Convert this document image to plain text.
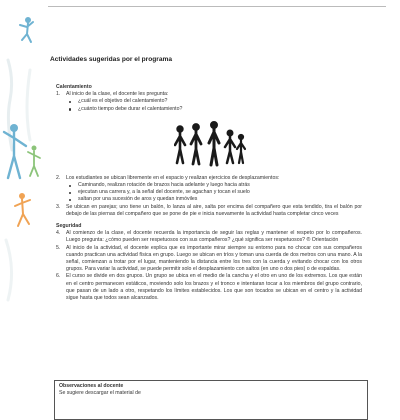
Actividades sugeridas por el programa
Calentamiento
1. Al inicio de la clase, el docente les pregunta:
¿cuál es el objetivo del calentamiento?
¿cuánto tiempo debe durar el calentamiento?
2. Los estudiantes se ubican libremente en el espacio y realizan ejercicios de desplazamientos:
Caminando, realizan rotación de brazos hacia adelante y luego hacia atrás
ejecutan una carrera y, a la señal del docente, se agachan y tocan el suelo
saltan por una sucesión de aros y quedan inmóviles
3. Se ubican en parejas; uno tiene un balón, lo lanza al aire, salta por encima del compañero que esta tendido, tira el balón por debajo de las piernas del compañero que se pone de pie e inicia nuevamente la actividad hasta completar cinco veces
Seguridad
4. Al comienzo de la clase, el docente recuerda la importancia de seguir las reglas y mantener el respeto por lo compañeros. Luego pregunta: ¿cómo pueden ser respetuosos con sus compañeros? ¿qué significa ser respetuosos? ® Orientación
5. Al inicio de la actividad, el docente explica que es importante mirar siempre su entorno para no chocar con sus compañeros cuando practican una actividad física en grupo. Luego se ubican en tríos y toman una cuerda de dos metros con una mano. A la señal, comienzan a trotar por el lugar, manteniendo la distancia entre los tres con la cuerda y evitando chocar con los otros grupos. Para variar la actividad, se puede permitir solo el desplazamiento con saltos (en uno o dos pies) o de espaldas.
6. El curso se divide en dos grupos. Un grupo se ubica en el medio de la cancha y el otro en uno de los extremos. Los que están en el centro permanecen estáticos, moviendo solo los brazos y el tronco e intentaran tocar a los miembros del grupo contrario, que pasan de un lado a otro, respetando los límites establecidos. Los que son tocados se ubican en el centro y la actividad sigue hasta que todos sean alcanzados.
Observaciones al docente
Se sugiere descargar el material de
